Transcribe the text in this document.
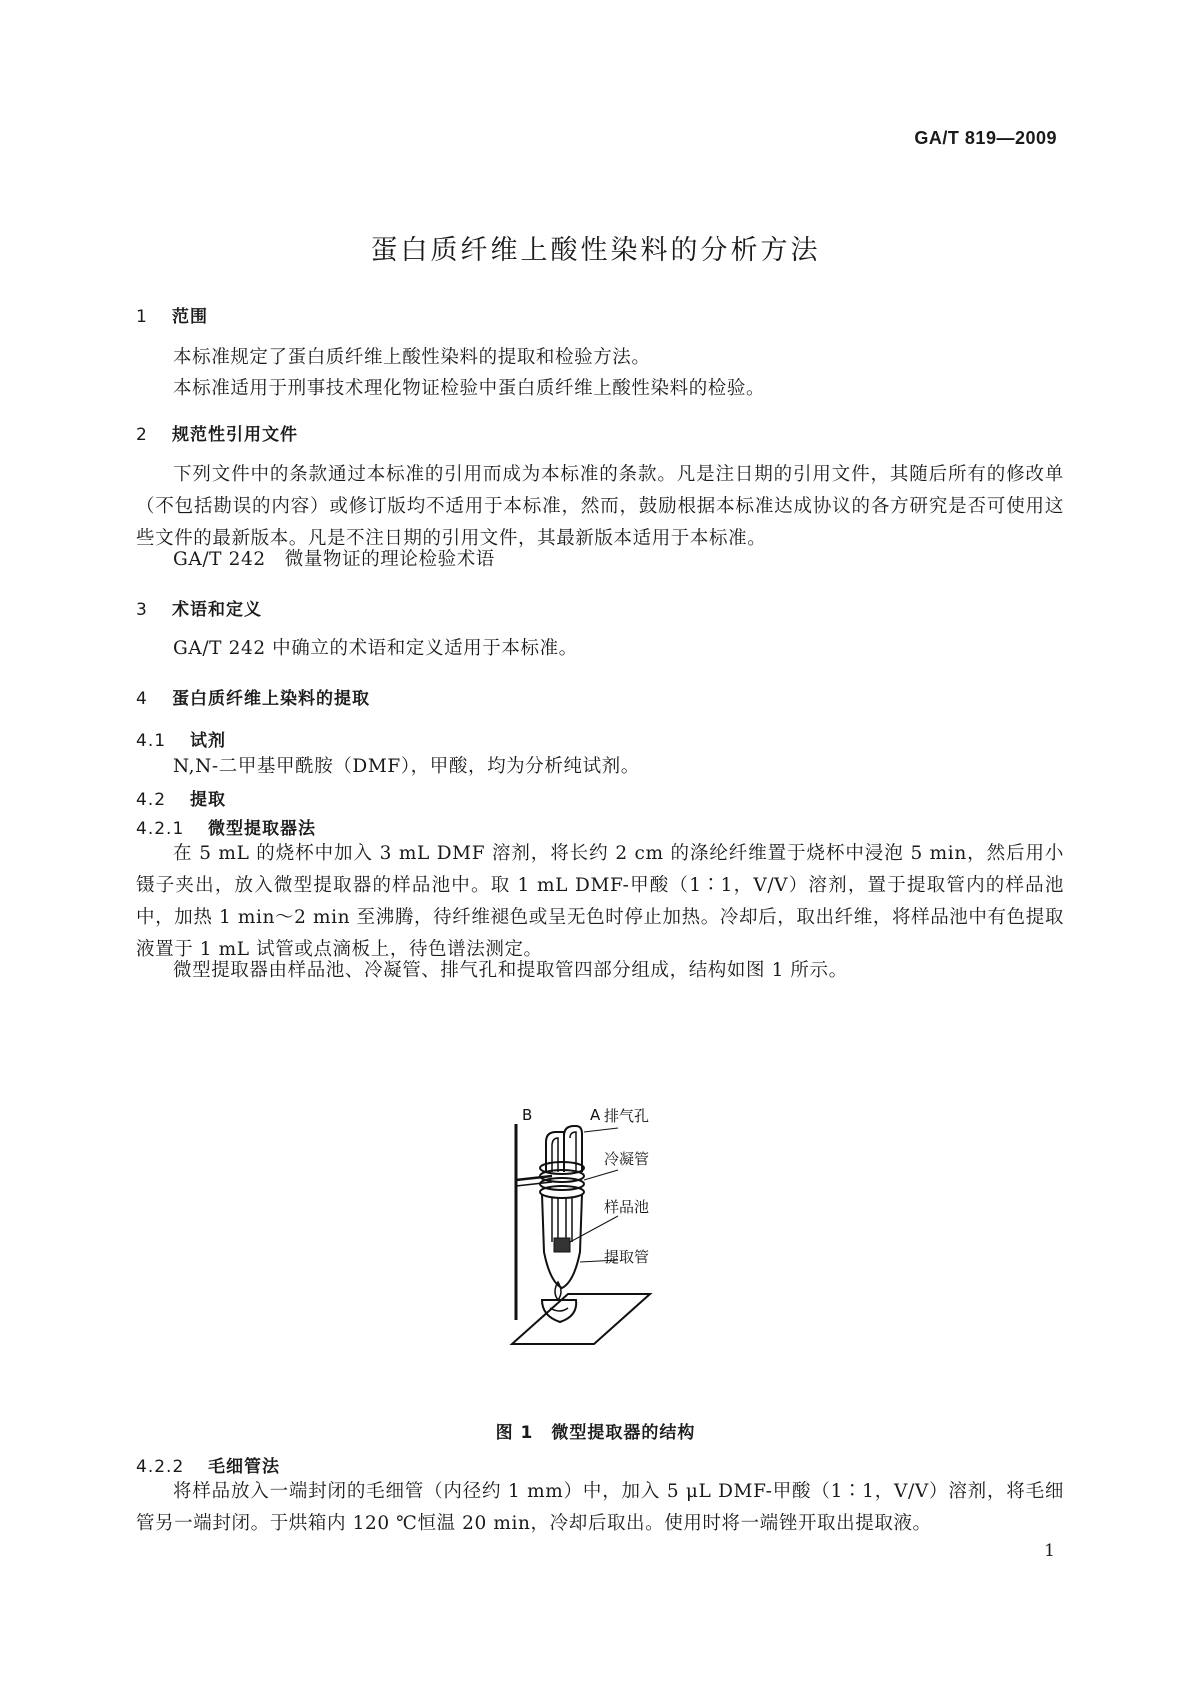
GA/T 819—2009
蛋白质纤维上酸性染料的分析方法
1 范围
本标准规定了蛋白质纤维上酸性染料的提取和检验方法。
本标准适用于刑事技术理化物证检验中蛋白质纤维上酸性染料的检验。
2 规范性引用文件
下列文件中的条款通过本标准的引用而成为本标准的条款。凡是注日期的引用文件，其随后所有的修改单（不包括勘误的内容）或修订版均不适用于本标准，然而，鼓励根据本标准达成协议的各方研究是否可使用这些文件的最新版本。凡是不注日期的引用文件，其最新版本适用于本标准。
GA/T 242　微量物证的理论检验术语
3 术语和定义
GA/T 242 中确立的术语和定义适用于本标准。
4 蛋白质纤维上染料的提取
4.1 试剂
N,N-二甲基甲酰胺（DMF），甲酸，均为分析纯试剂。
4.2 提取
4.2.1 微型提取器法
在 5 mL 的烧杯中加入 3 mL DMF 溶剂，将长约 2 cm 的涤纶纤维置于烧杯中浸泡 5 min，然后用小镊子夹出，放入微型提取器的样品池中。取 1 mL DMF-甲酸（1∶1，V/V）溶剂，置于提取管内的样品池中，加热 1 min～2 min 至沸腾，待纤维褪色或呈无色时停止加热。冷却后，取出纤维，将样品池中有色提取液置于 1 mL 试管或点滴板上，待色谱法测定。
微型提取器由样品池、冷凝管、排气孔和提取管四部分组成，结构如图 1 所示。
B	A 排气孔
冷凝管
样品池
提取管
图 1　微型提取器的结构
4.2.2 毛细管法
将样品放入一端封闭的毛细管（内径约 1 mm）中，加入 5 μL DMF-甲酸（1∶1，V/V）溶剂，将毛细管另一端封闭。于烘箱内 120 ℃恒温 20 min，冷却后取出。使用时将一端锉开取出提取液。
1
